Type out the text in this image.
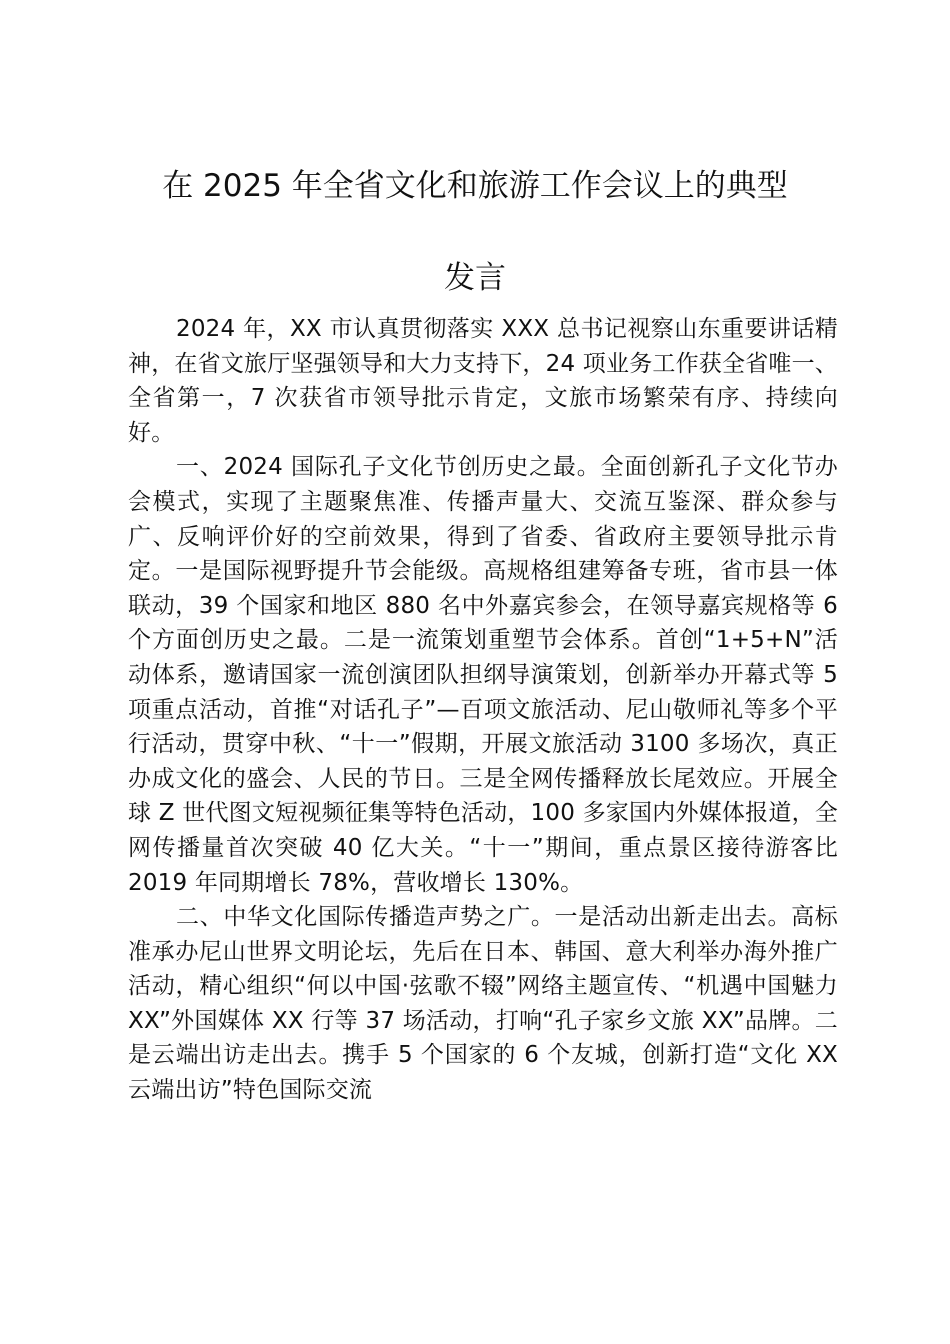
在 2025 年全省文化和旅游工作会议上的典型
发言

2024 年，XX 市认真贯彻落实 XXX 总书记视察山东重要讲话精神，在省文旅厅坚强领导和大力支持下，24 项业务工作获全省唯一、全省第一，7 次获省市领导批示肯定，文旅市场繁荣有序、持续向好。

一、2024 国际孔子文化节创历史之最。全面创新孔子文化节办会模式，实现了主题聚焦准、传播声量大、交流互鉴深、群众参与广、反响评价好的空前效果，得到了省委、省政府主要领导批示肯定。一是国际视野提升节会能级。高规格组建筹备专班，省市县一体联动，39 个国家和地区 880 名中外嘉宾参会，在领导嘉宾规格等 6 个方面创历史之最。二是一流策划重塑节会体系。首创“1+5+N”活动体系，邀请国家一流创演团队担纲导演策划，创新举办开幕式等 5 项重点活动，首推“对话孔子”—百项文旅活动、尼山敬师礼等多个平行活动，贯穿中秋、“十一”假期，开展文旅活动 3100 多场次，真正办成文化的盛会、人民的节日。三是全网传播释放长尾效应。开展全球 Z 世代图文短视频征集等特色活动，100 多家国内外媒体报道，全网传播量首次突破 40 亿大关。“十一”期间，重点景区接待游客比 2019 年同期增长 78%，营收增长 130%。

二、中华文化国际传播造声势之广。一是活动出新走出去。高标准承办尼山世界文明论坛，先后在日本、韩国、意大利举办海外推广活动，精心组织“何以中国·弦歌不辍”网络主题宣传、“机遇中国魅力 XX”外国媒体 XX 行等 37 场活动，打响“孔子家乡文旅 XX”品牌。二是云端出访走出去。携手 5 个国家的 6 个友城，创新打造“文化 XX 云端出访”特色国际交流
